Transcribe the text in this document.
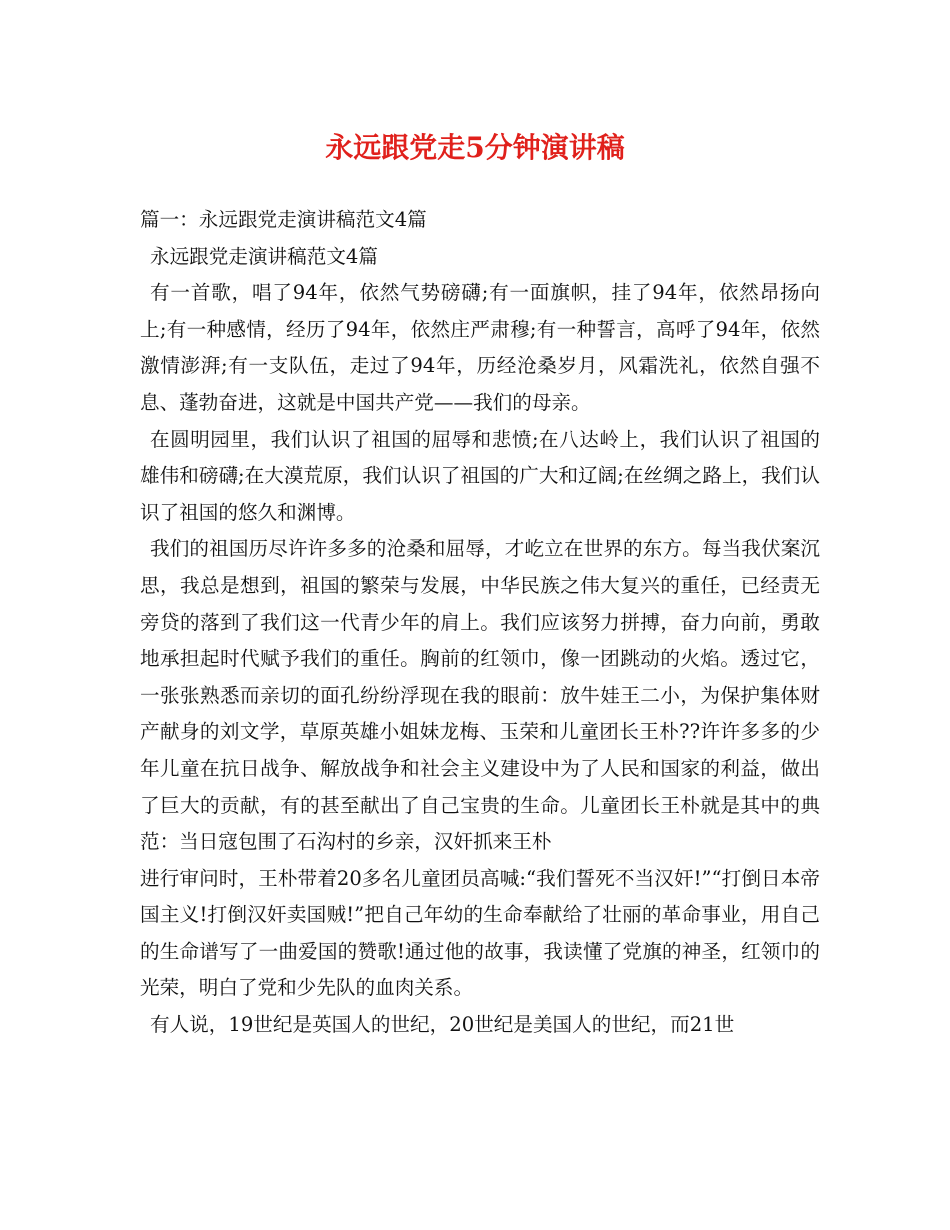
永远跟党走5分钟演讲稿

篇一：永远跟党走演讲稿范文4篇

永远跟党走演讲稿范文4篇

有一首歌，唱了94年，依然气势磅礴;有一面旗帜，挂了94年，依然昂扬向上;有一种感情，经历了94年，依然庄严肃穆;有一种誓言，高呼了94年，依然激情澎湃;有一支队伍，走过了94年，历经沧桑岁月，风霜洗礼，依然自强不息、蓬勃奋进，这就是中国共产党——我们的母亲。

在圆明园里，我们认识了祖国的屈辱和悲愤;在八达岭上，我们认识了祖国的雄伟和磅礴;在大漠荒原，我们认识了祖国的广大和辽阔;在丝绸之路上，我们认识了祖国的悠久和渊博。

我们的祖国历尽许许多多的沧桑和屈辱，才屹立在世界的东方。每当我伏案沉思，我总是想到，祖国的繁荣与发展，中华民族之伟大复兴的重任，已经责无旁贷的落到了我们这一代青少年的肩上。我们应该努力拼搏，奋力向前，勇敢地承担起时代赋予我们的重任。胸前的红领巾，像一团跳动的火焰。透过它，一张张熟悉而亲切的面孔纷纷浮现在我的眼前：放牛娃王二小，为保护集体财产献身的刘文学，草原英雄小姐妹龙梅、玉荣和儿童团长王朴??许许多多的少年儿童在抗日战争、解放战争和社会主义建设中为了人民和国家的利益，做出了巨大的贡献，有的甚至献出了自己宝贵的生命。儿童团长王朴就是其中的典范：当日寇包围了石沟村的乡亲，汉奸抓来王朴

进行审问时，王朴带着20多名儿童团员高喊:“我们誓死不当汉奸!”“打倒日本帝国主义!打倒汉奸卖国贼!”把自己年幼的生命奉献给了壮丽的革命事业，用自己的生命谱写了一曲爱国的赞歌!通过他的故事，我读懂了党旗的神圣，红领巾的光荣，明白了党和少先队的血肉关系。

有人说，19世纪是英国人的世纪，20世纪是美国人的世纪，而21世
